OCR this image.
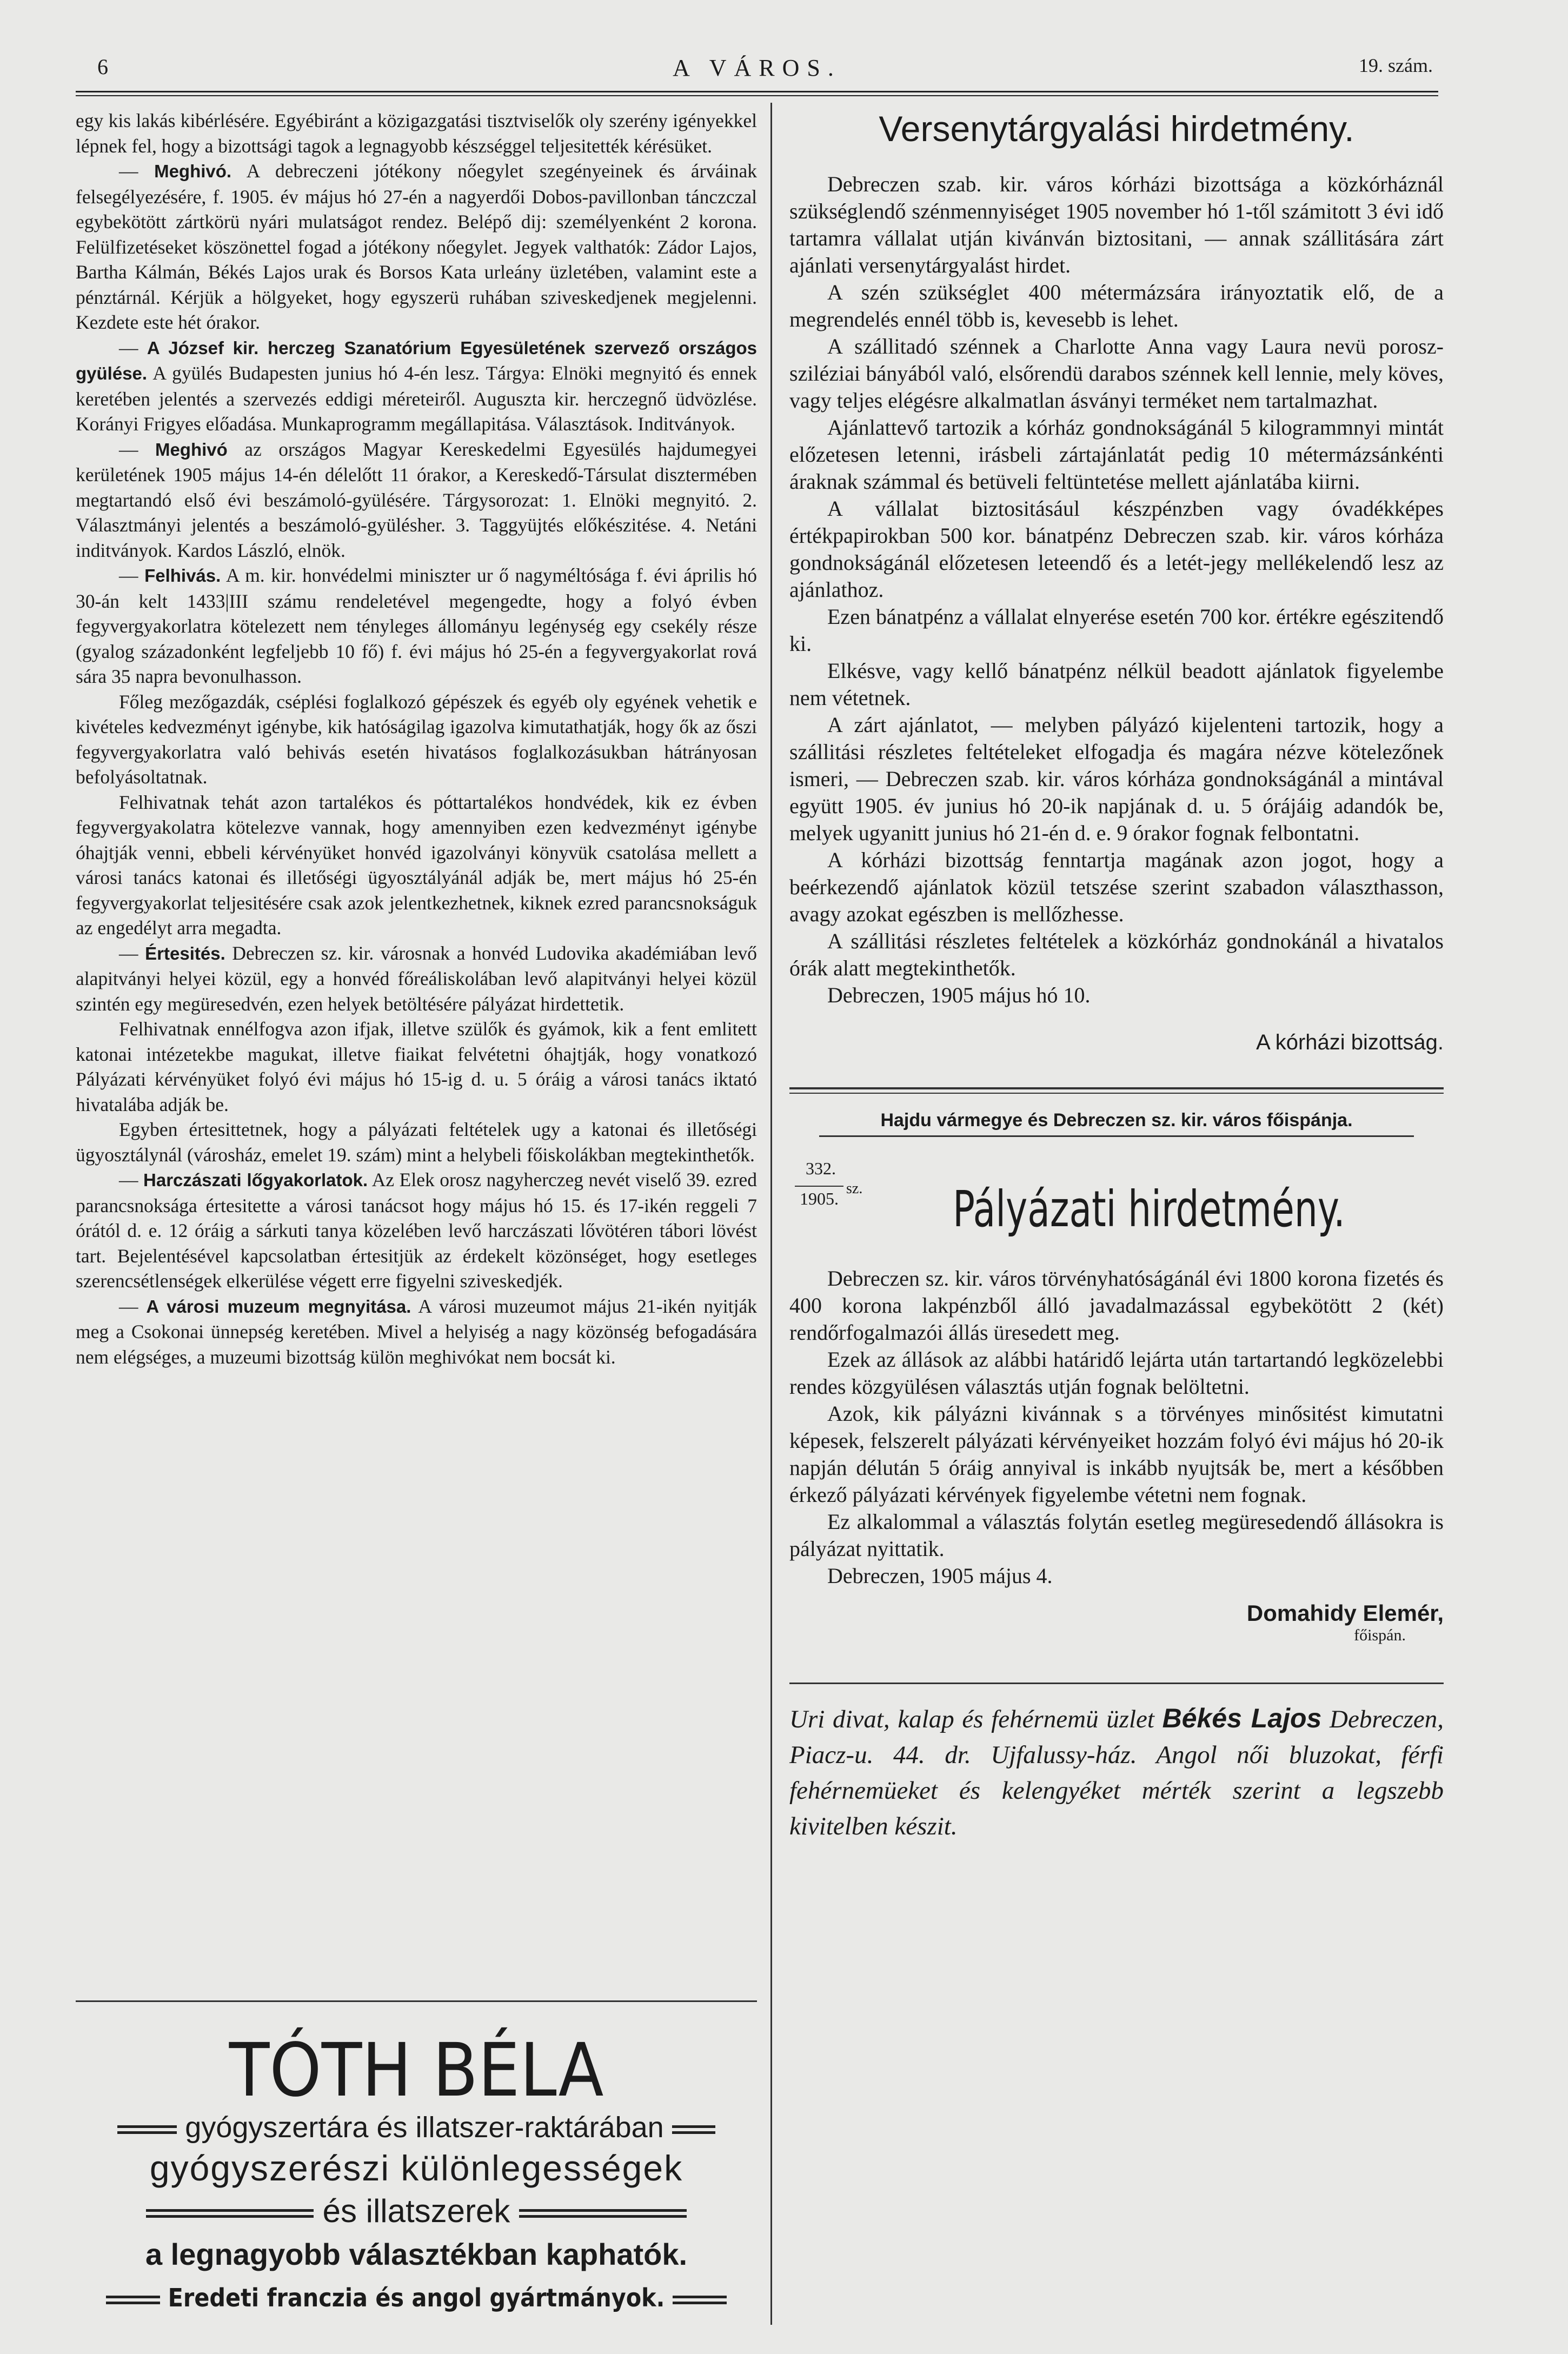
6	A VÁROS.	19. szám.

egy kis lakás kibérlésére. Egyébiránt a közigazgatási tisztviselők oly szerény igényekkel lépnek fel, hogy a bizottsági tagok a legnagyobb készséggel teljesitették kérésüket.

— Meghivó. A debreczeni jótékony nőegylet szegényeinek és árváinak felsegélyezésére, f. 1905. év május hó 27-én a nagyerdői Dobos-pavillonban tánczczal egybekötött zártkörü nyári mulatságot rendez. Belépő dij: személyenként 2 korona. Felülfizetéseket köszönettel fogad a jótékony nőegylet. Jegyek valthatók: Zádor Lajos, Bartha Kálmán, Békés Lajos urak és Borsos Kata urleány üzletében, valamint este a pénztárnál. Kérjük a hölgyeket, hogy egyszerü ruhában sziveskedjenek megjelenni. Kezdete este hét órakor.

— A József kir. herczeg Szanatórium Egyesületének szervező országos gyülése. A gyülés Budapesten junius hó 4-én lesz. Tárgya: Elnöki megnyitó és ennek keretében jelentés a szervezés eddigi méreteiről. Auguszta kir. herczegnő üdvözlése. Korányi Frigyes előadása. Munkaprogramm megállapitása. Választások. Inditványok.

— Meghivó az országos Magyar Kereskedelmi Egyesülés hajdumegyei kerületének 1905 május 14-én délelőtt 11 órakor, a Kereskedő-Társulat disztermében megtartandó első évi beszámoló-gyülésére. Tárgysorozat: 1. Elnöki megnyitó. 2. Választmányi jelentés a beszámoló-gyülésher. 3. Taggyüjtés előkészitése. 4. Netáni inditványok. Kardos László, elnök.

— Felhivás. A m. kir. honvédelmi miniszter ur ő nagyméltósága f. évi április hó 30-án kelt 1433|III számu rendeletével megengedte, hogy a folyó évben fegyvergyakorlatra kötelezett nem tényleges állományu legénység egy csekély része (gyalog századonként legfeljebb 10 fő) f. évi május hó 25-én a fegyvergyakorlat rová sára 35 napra bevonulhasson.

Főleg mezőgazdák, cséplési foglalkozó gépészek és egyéb oly egyének vehetik e kivételes kedvezményt igénybe, kik hatóságilag igazolva kimutathatják, hogy ők az őszi fegyvergyakorlatra való behivás esetén hivatásos foglalkozásukban hátrányosan befolyásoltatnak.

Felhivatnak tehát azon tartalékos és póttartalékos hondvédek, kik ez évben fegyvergyakolatra kötelezve vannak, hogy amennyiben ezen kedvezményt igénybe óhajtják venni, ebbeli kérvényüket honvéd igazolványi könyvük csatolása mellett a városi tanács katonai és illetőségi ügyosztályánál adják be, mert május hó 25-én fegyvergyakorlat teljesitésére csak azok jelentkezhetnek, kiknek ezred parancsnokságuk az engedélyt arra megadta.

— Értesités. Debreczen sz. kir. városnak a honvéd Ludovika akadémiában levő alapitványi helyei közül, egy a honvéd főreáliskolában levő alapitványi helyei közül szintén egy megüresedvén, ezen helyek betöltésére pályázat hirdettetik.

Felhivatnak ennélfogva azon ifjak, illetve szülők és gyámok, kik a fent emlitett katonai intézetekbe magukat, illetve fiaikat felvétetni óhajtják, hogy vonatkozó Pályázati kérvényüket folyó évi május hó 15-ig d. u. 5 óráig a városi tanács iktató hivatalába adják be.

Egyben értesittetnek, hogy a pályázati feltételek ugy a katonai és illetőségi ügyosztálynál (városház, emelet 19. szám) mint a helybeli főiskolákban megtekinthetők.

— Harczászati lőgyakorlatok. Az Elek orosz nagyherczeg nevét viselő 39. ezred parancsnoksága értesitette a városi tanácsot hogy május hó 15. és 17-ikén reggeli 7 órától d. e. 12 óráig a sárkuti tanya közelében levő harczászati lővötéren tábori lövést tart. Bejelentésével kapcsolatban értesitjük az érdekelt közönséget, hogy esetleges szerencsétlenségek elkerülése végett erre figyelni sziveskedjék.

— A városi muzeum megnyitása. A városi muzeumot május 21-ikén nyitják meg a Csokonai ünnepség keretében. Mivel a helyiség a nagy közönség befogadására nem elégséges, a muzeumi bizottság külön meghivókat nem bocsát ki.

TÓTH BÉLA
gyógyszertára és illatszer-raktárában
gyógyszerészi különlegességek
és illatszerek
a legnagyobb választékban kaphatók.
Eredeti franczia és angol gyártmányok.
Versenytárgyalási hirdetmény.

Debreczen szab. kir. város kórházi bizottsága a közkórháznál szükséglendő szénmennyiséget 1905 november hó 1-től számitott 3 évi idő tartamra vállalat utján kivánván biztositani, — annak szállitására zárt ajánlati versenytárgyalást hirdet.

A szén szükséglet 400 métermázsára irányoztatik elő, de a megrendelés ennél több is, kevesebb is lehet.

A szállitadó szénnek a Charlotte Anna vagy Laura nevü porosz-sziléziai bányából való, elsőrendü darabos szénnek kell lennie, mely köves, vagy teljes elégésre alkalmatlan ásványi terméket nem tartalmazhat.

Ajánlattevő tartozik a kórház gondnokságánál 5 kilogrammnyi mintát előzetesen letenni, irásbeli zártajánlatát pedig 10 métermázsánkénti áraknak számmal és betüveli feltüntetése mellett ajánlatába kiirni.

A vállalat biztositásául készpénzben vagy óvadékképes értékpapirokban 500 kor. bánatpénz Debreczen szab. kir. város kórháza gondnokságánál előzetesen leteendő és a letét-jegy mellékelendő lesz az ajánlathoz.

Ezen bánatpénz a vállalat elnyerése esetén 700 kor. értékre egészitendő ki.

Elkésve, vagy kellő bánatpénz nélkül beadott ajánlatok figyelembe nem vétetnek.

A zárt ajánlatot, — melyben pályázó kijelenteni tartozik, hogy a szállitási részletes feltételeket elfogadja és magára nézve kötelezőnek ismeri, — Debreczen szab. kir. város kórháza gondnokságánál a mintával együtt 1905. év junius hó 20-ik napjának d. u. 5 órájáig adandók be, melyek ugyanitt junius hó 21-én d. e. 9 órakor fognak felbontatni.

A kórházi bizottság fenntartja magának azon jogot, hogy a beérkezendő ajánlatok közül tetszése szerint szabadon választhasson, avagy azokat egészben is mellőzhesse.

A szállitási részletes feltételek a közkórház gondnokánál a hivatalos órák alatt megtekinthetők.

Debreczen, 1905 május hó 10.

A kórházi bizottság.
Hajdu vármegye és Debreczen sz. kir. város főispánja.
332.
1905.
sz.	Pályázati hirdetmény.

Debreczen sz. kir. város törvényhatóságánál évi 1800 korona fizetés és 400 korona lakpénzből álló javadalmazással egybekötött 2 (két) rendőrfogalmazói állás üresedett meg.

Ezek az állások az alábbi határidő lejárta után tartartandó legközelebbi rendes közgyülésen választás utján fognak belöltetni.

Azok, kik pályázni kivánnak s a törvényes minősitést kimutatni képesek, felszerelt pályázati kérvényeiket hozzám folyó évi május hó 20-ik napján délután 5 óráig annyival is inkább nyujtsák be, mert a későbben érkező pályázati kérvények figyelembe vétetni nem fognak.

Ez alkalommal a választás folytán esetleg megüresedendő állásokra is pályázat nyittatik.

Debreczen, 1905 május 4.

Domahidy Elemér,
főispán.

Uri divat, kalap és fehérnemü üzlet Békés Lajos Debreczen, Piacz-u. 44. dr. Ujfalussy-ház. Angol női bluzokat, férfi fehérnemüeket és kelengyéket mérték szerint a legszebb kivitelben készit.
